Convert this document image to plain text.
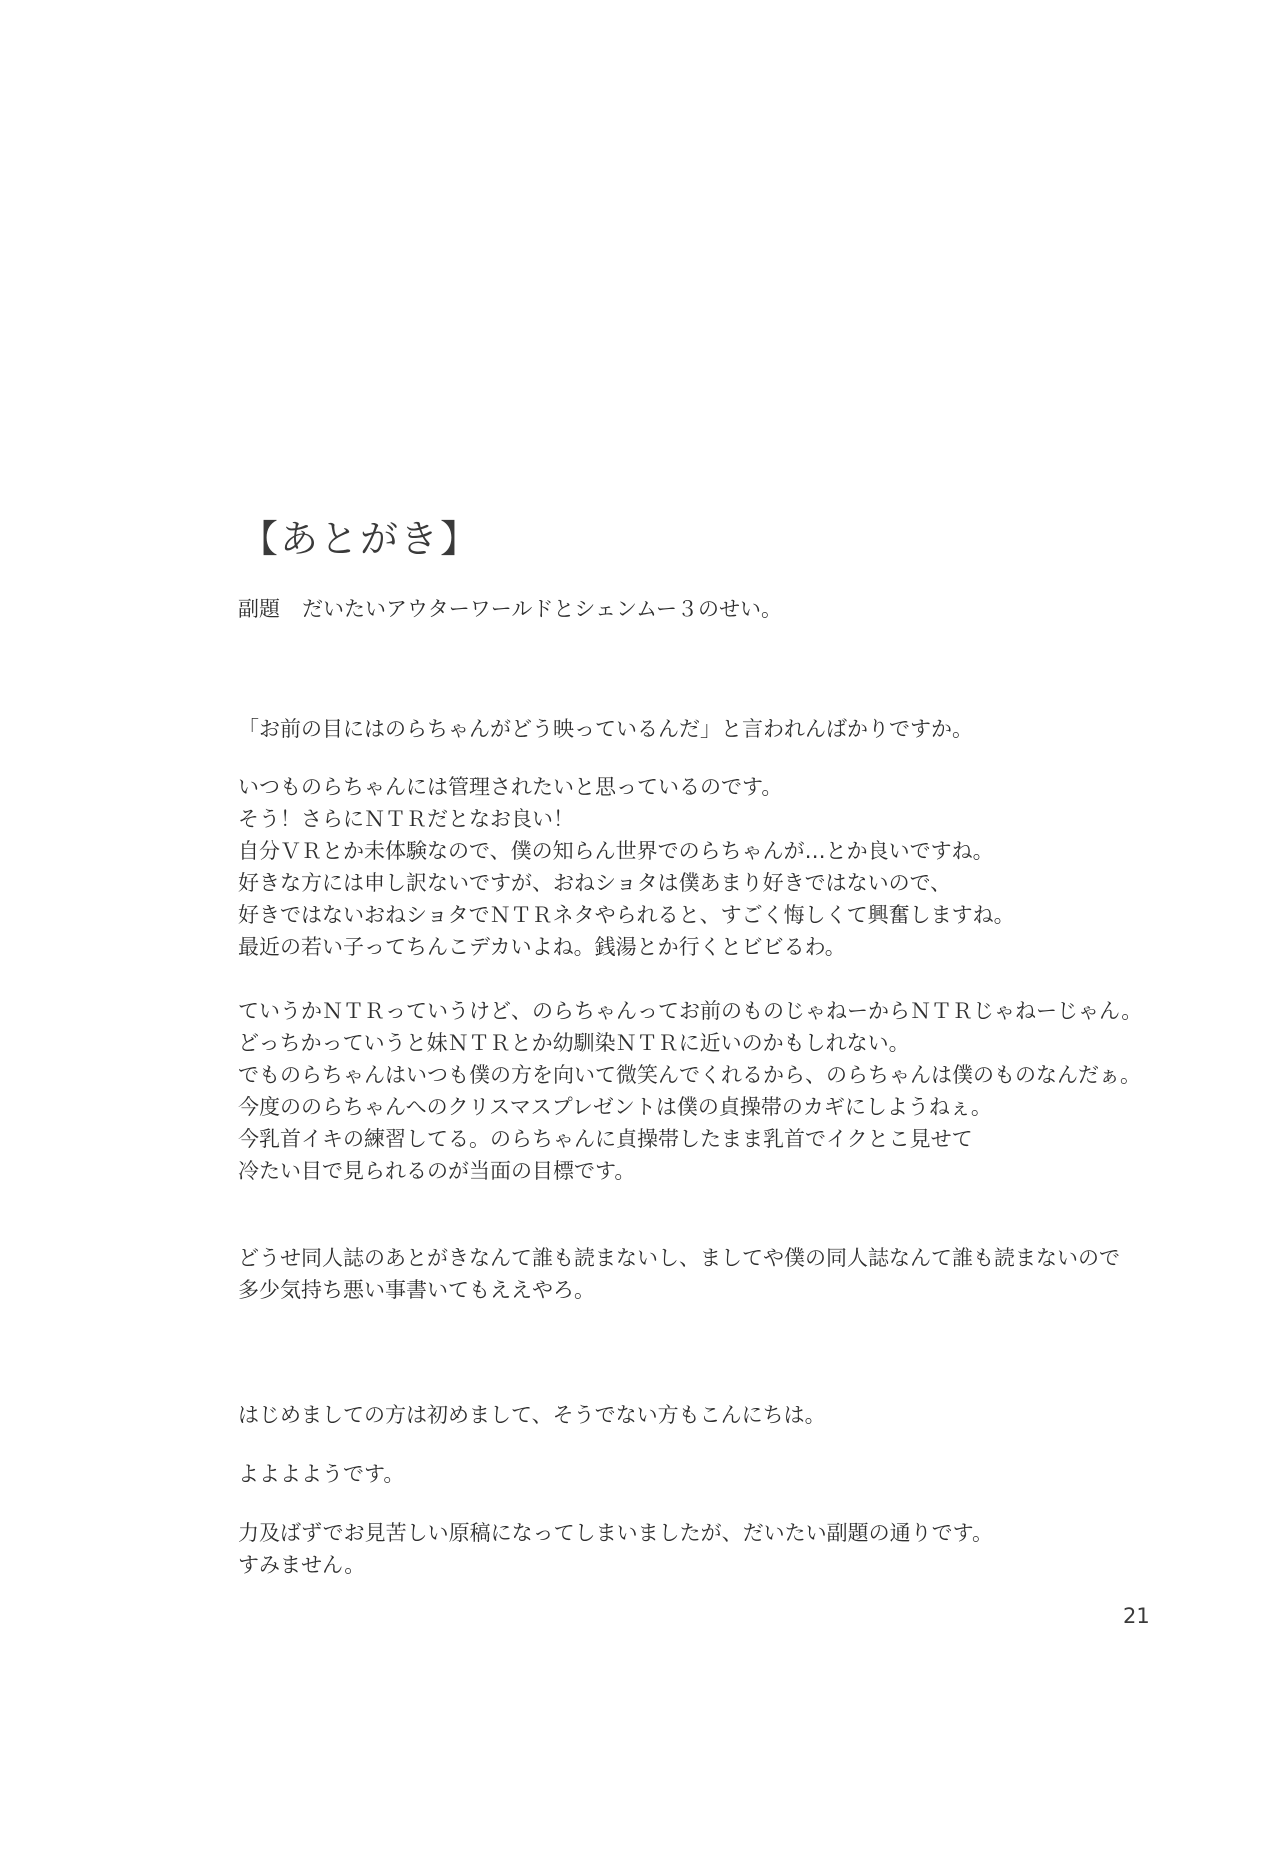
【あとがき】
副題 だいたいアウターワールドとシェンムー３のせい。
「お前の目にはのらちゃんがどう映っているんだ」と言われんばかりですか。
いつものらちゃんには管理されたいと思っているのです。
そう！さらにＮＴＲだとなお良い！
自分ＶＲとか未体験なので、僕の知らん世界でのらちゃんが…とか良いですね。
好きな方には申し訳ないですが、おねショタは僕あまり好きではないので、
好きではないおねショタでＮＴＲネタやられると、すごく悔しくて興奮しますね。
最近の若い子ってちんこデカいよね。銭湯とか行くとビビるわ。
ていうかＮＴＲっていうけど、のらちゃんってお前のものじゃねーからＮＴＲじゃねーじゃん。
どっちかっていうと妹ＮＴＲとか幼馴染ＮＴＲに近いのかもしれない。
でものらちゃんはいつも僕の方を向いて微笑んでくれるから、のらちゃんは僕のものなんだぁ。
今度ののらちゃんへのクリスマスプレゼントは僕の貞操帯のカギにしようねぇ。
今乳首イキの練習してる。のらちゃんに貞操帯したまま乳首でイクとこ見せて
冷たい目で見られるのが当面の目標です。
どうせ同人誌のあとがきなんて誰も読まないし、ましてや僕の同人誌なんて誰も読まないので
多少気持ち悪い事書いてもええやろ。
はじめましての方は初めまして、そうでない方もこんにちは。
よよよようです。
力及ばずでお見苦しい原稿になってしまいましたが、だいたい副題の通りです。
すみません。
21
